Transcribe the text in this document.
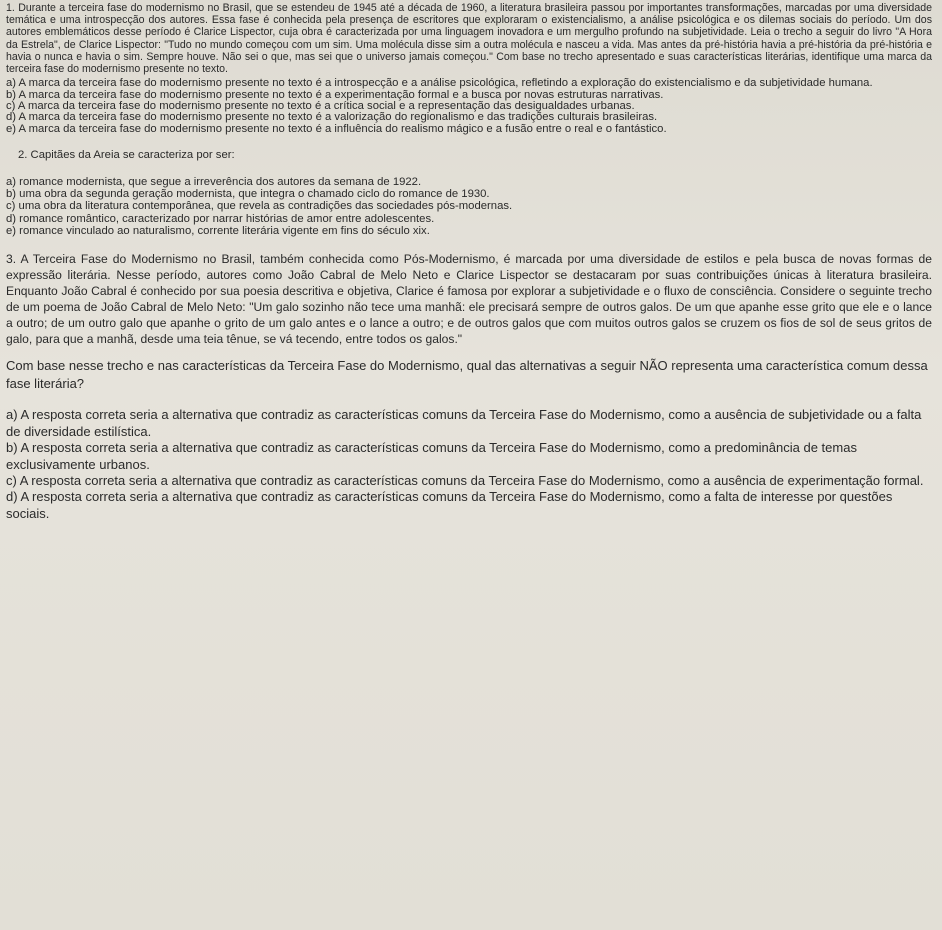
1. Durante a terceira fase do modernismo no Brasil, que se estendeu de 1945 até a década de 1960, a literatura brasileira passou por importantes transformações, marcadas por uma diversidade temática e uma introspecção dos autores. Essa fase é conhecida pela presença de escritores que exploraram o existencialismo, a análise psicológica e os dilemas sociais do período. Um dos autores emblemáticos desse período é Clarice Lispector, cuja obra é caracterizada por uma linguagem inovadora e um mergulho profundo na subjetividade. Leia o trecho a seguir do livro "A Hora da Estrela", de Clarice Lispector: "Tudo no mundo começou com um sim. Uma molécula disse sim a outra molécula e nasceu a vida. Mas antes da pré-história havia a pré-história da pré-história e havia o nunca e havia o sim. Sempre houve. Não sei o que, mas sei que o universo jamais começou." Com base no trecho apresentado e suas características literárias, identifique uma marca da terceira fase do modernismo presente no texto.

a) A marca da terceira fase do modernismo presente no texto é a introspecção e a análise psicológica, refletindo a exploração do existencialismo e da subjetividade humana.

b) A marca da terceira fase do modernismo presente no texto é a experimentação formal e a busca por novas estruturas narrativas.

c) A marca da terceira fase do modernismo presente no texto é a crítica social e a representação das desigualdades urbanas.

d) A marca da terceira fase do modernismo presente no texto é a valorização do regionalismo e das tradições culturais brasileiras.

e) A marca da terceira fase do modernismo presente no texto é a influência do realismo mágico e a fusão entre o real e o fantástico.

2. Capitães da Areia se caracteriza por ser:

a) romance modernista, que segue a irreverência dos autores da semana de 1922.

b) uma obra da segunda geração modernista, que integra o chamado ciclo do romance de 1930.

c) uma obra da literatura contemporânea, que revela as contradições das sociedades pós-modernas.

d) romance romântico, caracterizado por narrar histórias de amor entre adolescentes.

e) romance vinculado ao naturalismo, corrente literária vigente em fins do século xix.

3. A Terceira Fase do Modernismo no Brasil, também conhecida como Pós-Modernismo, é marcada por uma diversidade de estilos e pela busca de novas formas de expressão literária. Nesse período, autores como João Cabral de Melo Neto e Clarice Lispector se destacaram por suas contribuições únicas à literatura brasileira. Enquanto João Cabral é conhecido por sua poesia descritiva e objetiva, Clarice é famosa por explorar a subjetividade e o fluxo de consciência. Considere o seguinte trecho de um poema de João Cabral de Melo Neto: "Um galo sozinho não tece uma manhã: ele precisará sempre de outros galos. De um que apanhe esse grito que ele e o lance a outro; de um outro galo que apanhe o grito de um galo antes e o lance a outro; e de outros galos que com muitos outros galos se cruzem os fios de sol de seus gritos de galo, para que a manhã, desde uma teia tênue, se vá tecendo, entre todos os galos."

Com base nesse trecho e nas características da Terceira Fase do Modernismo, qual das alternativas a seguir NÃO representa uma característica comum dessa fase literária?

a) A resposta correta seria a alternativa que contradiz as características comuns da Terceira Fase do Modernismo, como a ausência de subjetividade ou a falta de diversidade estilística.

b) A resposta correta seria a alternativa que contradiz as características comuns da Terceira Fase do Modernismo, como a predominância de temas exclusivamente urbanos.

c) A resposta correta seria a alternativa que contradiz as características comuns da Terceira Fase do Modernismo, como a ausência de experimentação formal.

d) A resposta correta seria a alternativa que contradiz as características comuns da Terceira Fase do Modernismo, como a falta de interesse por questões sociais.
